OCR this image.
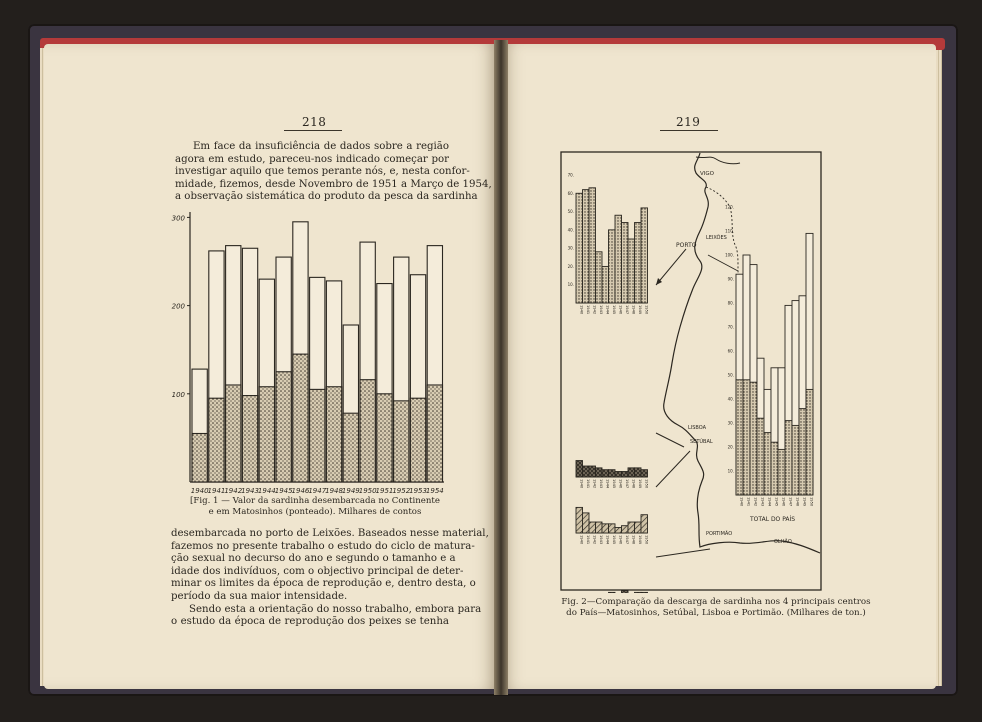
218
Em face da insuficiência de dados sobre a região
agora em estudo, pareceu-nos indicado começar por
investigar aquilo que temos perante nós, e, nesta confor-
midade, fizemos, desde Novembro de 1951 a Março de 1954,
a observação sistemática do produto da pesca da sardinha
300
200
100
1940
1941
1942
1943
1944
1945
1946
1947
1948
1949
1950
1951
1952
1953
1954
[Fig. 1 — Valor da sardinha desembarcada no Continente
e em Matosinhos (ponteado). Milhares de contos
desembarcada no porto de Leixões. Baseados nesse material,
fazemos no presente trabalho o estudo do ciclo de matura-
ção sexual no decurso do ano e segundo o tamanho e a
idade dos indivíduos, com o objectivo principal de deter-
minar os limites da época de reprodução e, dentro desta, o
período da sua maior intensidade.
Sendo esta a orientação do nosso trabalho, embora para
o estudo da época de reprodução dos peixes se tenha
219
VIGO
PORTO
LEIXÕES
LISBOA
SETÚBAL
PORTIMÃO
OLHÃO
TOTAL DO PAÍS
1940 1941 1942 1943 1944 1945 1946 1947 1948 1949 1950
70.
60.
50.
40.
30.
20.
10.
1940 1941 1942 1943 1944 1945 1946 1947 1948 1949 1950
1940 1941 1942 1943 1944 1945 1946 1947 1948 1949 1950
1940 1941 1942 1943 1944 1945 1946 1947 1948 1949 1950
120.
110.
100.
90.
80.
70.
60.
50.
40.
30.
20.
10.
Fig. 2—Comparação da descarga de sardinha nos 4 principais centros
do País—Matosinhos, Setúbal, Lisboa e Portimão. (Milhares de ton.)
